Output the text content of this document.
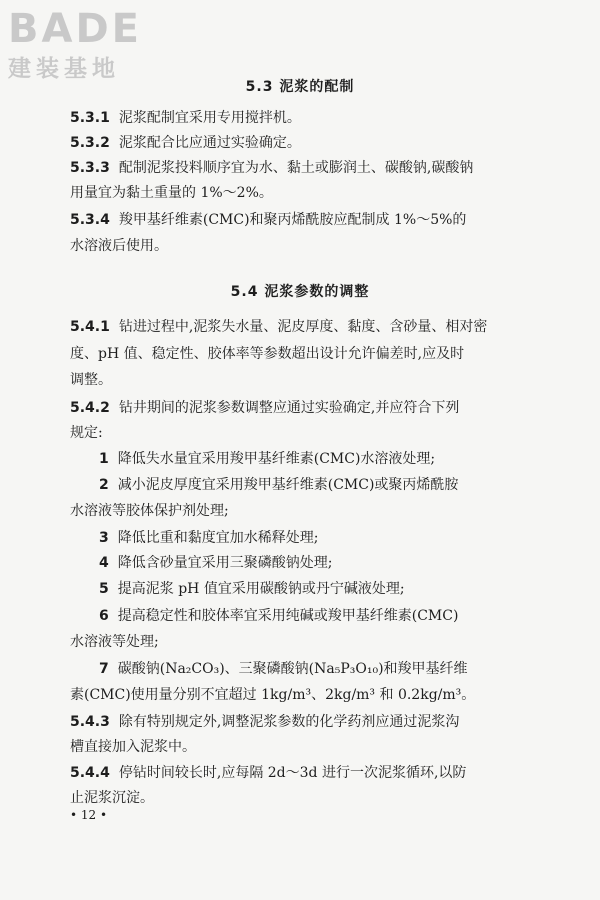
BADE
建装基地
5.3 泥浆的配制
5.3.1 泥浆配制宜采用专用搅拌机。
5.3.2 泥浆配合比应通过实验确定。
5.3.3 配制泥浆投料顺序宜为水、黏土或膨润土、碳酸钠,碳酸钠
用量宜为黏土重量的 1%～2%。
5.3.4 羧甲基纤维素(CMC)和聚丙烯酰胺应配制成 1%～5%的
水溶液后使用。
5.4 泥浆参数的调整
5.4.1 钻进过程中,泥浆失水量、泥皮厚度、黏度、含砂量、相对密
度、pH 值、稳定性、胶体率等参数超出设计允许偏差时,应及时
调整。
5.4.2 钻井期间的泥浆参数调整应通过实验确定,并应符合下列
规定:
1 降低失水量宜采用羧甲基纤维素(CMC)水溶液处理;
2 减小泥皮厚度宜采用羧甲基纤维素(CMC)或聚丙烯酰胺
水溶液等胶体保护剂处理;
3 降低比重和黏度宜加水稀释处理;
4 降低含砂量宜采用三聚磷酸钠处理;
5 提高泥浆 pH 值宜采用碳酸钠或丹宁碱液处理;
6 提高稳定性和胶体率宜采用纯碱或羧甲基纤维素(CMC)
水溶液等处理;
7 碳酸钠(Na₂CO₃)、三聚磷酸钠(Na₅P₃O₁₀)和羧甲基纤维
素(CMC)使用量分别不宜超过 1kg/m³、2kg/m³ 和 0.2kg/m³。
5.4.3 除有特别规定外,调整泥浆参数的化学药剂应通过泥浆沟
槽直接加入泥浆中。
5.4.4 停钻时间较长时,应每隔 2d～3d 进行一次泥浆循环,以防
止泥浆沉淀。
• 12 •
